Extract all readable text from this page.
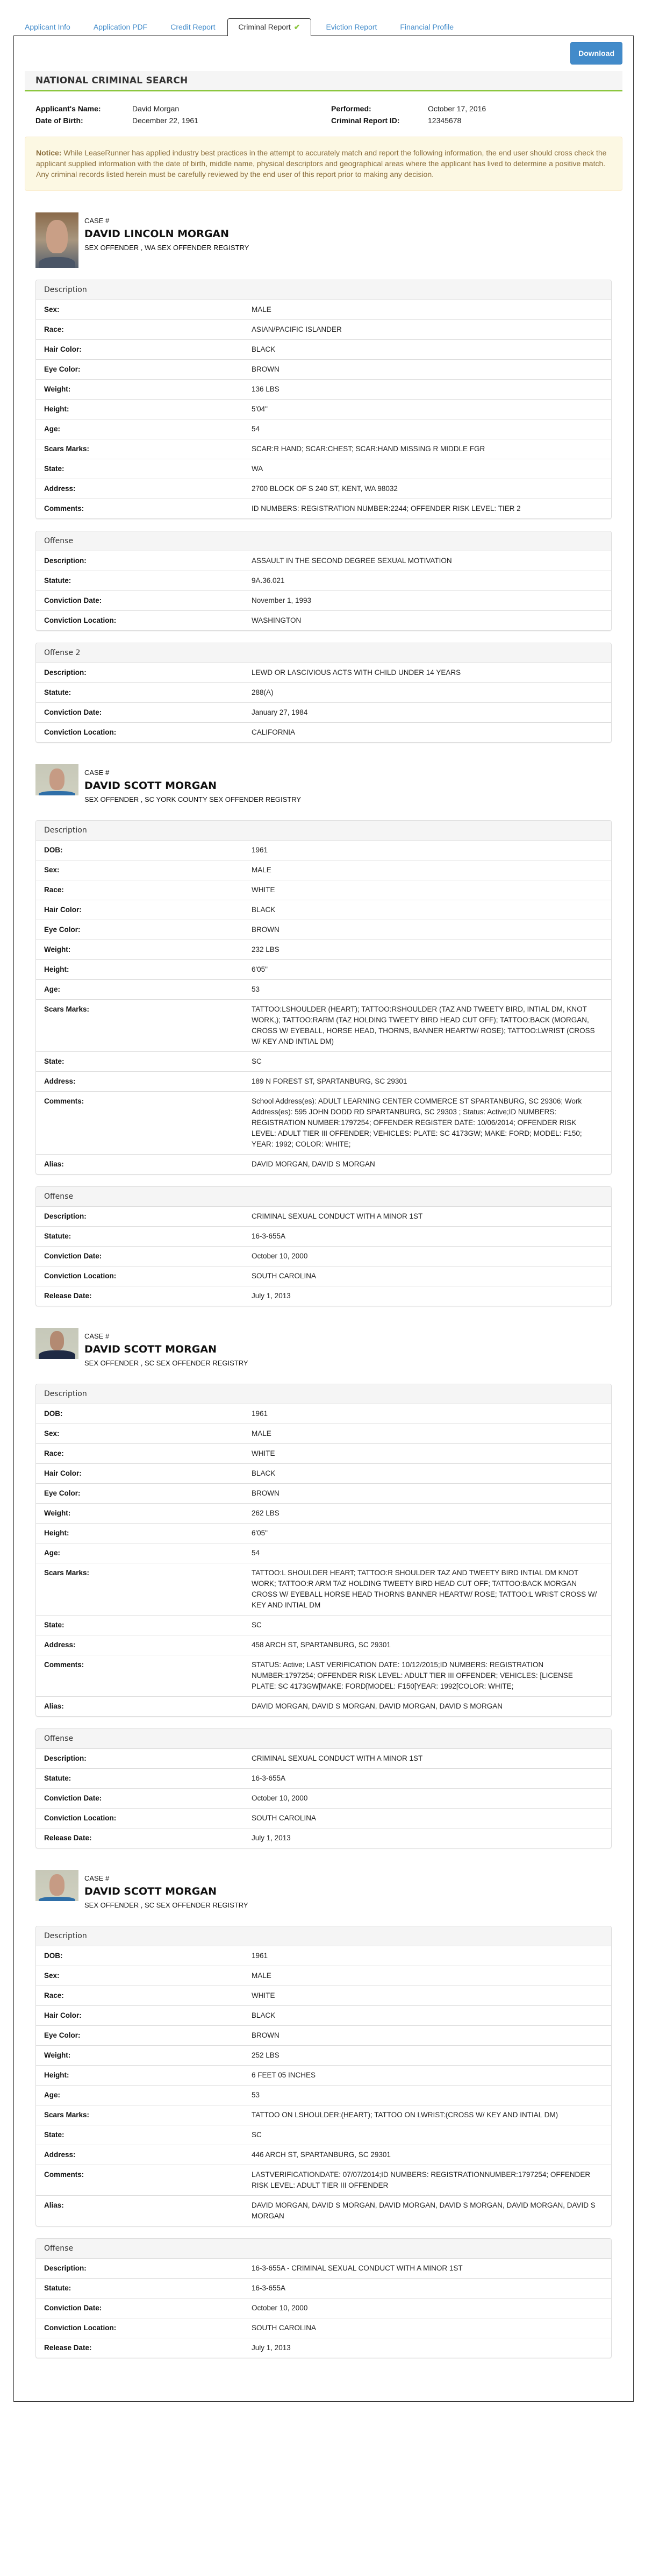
Applicant Info	Application PDF	Credit Report	Criminal Report ✔	Eviction Report	Financial Profile
Download
NATIONAL CRIMINAL SEARCH
Applicant's Name:	David Morgan	Performed:	October 17, 2016
Date of Birth:	December 22, 1961	Criminal Report ID:	12345678
Notice: While LeaseRunner has applied industry best practices in the attempt to accurately match and report the following information, the end user should cross check the applicant supplied information with the date of birth, middle name, physical descriptors and geographical areas where the applicant has lived to determine a positive match. Any criminal records listed herein must be carefully reviewed by the end user of this report prior to making any decision.
CASE #
DAVID LINCOLN MORGAN
SEX OFFENDER , WA SEX OFFENDER REGISTRY
Description
Sex:	MALE
Race:	ASIAN/PACIFIC ISLANDER
Hair Color:	BLACK
Eye Color:	BROWN
Weight:	136 LBS
Height:	5'04"
Age:	54
Scars Marks:	SCAR:R HAND; SCAR:CHEST; SCAR:HAND MISSING R MIDDLE FGR
State:	WA
Address:	2700 BLOCK OF S 240 ST, KENT, WA 98032
Comments:	ID NUMBERS: REGISTRATION NUMBER:2244; OFFENDER RISK LEVEL: TIER 2
Offense
Description:	ASSAULT IN THE SECOND DEGREE SEXUAL MOTIVATION
Statute:	9A.36.021
Conviction Date:	November 1, 1993
Conviction Location:	WASHINGTON
Offense 2
Description:	LEWD OR LASCIVIOUS ACTS WITH CHILD UNDER 14 YEARS
Statute:	288(A)
Conviction Date:	January 27, 1984
Conviction Location:	CALIFORNIA
CASE #
DAVID SCOTT MORGAN
SEX OFFENDER , SC YORK COUNTY SEX OFFENDER REGISTRY
Description
DOB:	1961
Sex:	MALE
Race:	WHITE
Hair Color:	BLACK
Eye Color:	BROWN
Weight:	232 LBS
Height:	6'05"
Age:	53
Scars Marks:	TATTOO:LSHOULDER (HEART); TATTOO:RSHOULDER (TAZ AND TWEETY BIRD, INTIAL DM, KNOT WORK,); TATTOO:RARM (TAZ HOLDING TWEETY BIRD HEAD CUT OFF); TATTOO:BACK (MORGAN, CROSS W/ EYEBALL, HORSE HEAD, THORNS, BANNER HEARTW/ ROSE); TATTOO:LWRIST (CROSS W/ KEY AND INTIAL DM)
State:	SC
Address:	189 N FOREST ST, SPARTANBURG, SC 29301
Comments:	School Address(es): ADULT LEARNING CENTER COMMERCE ST SPARTANBURG, SC 29306; Work Address(es): 595 JOHN DODD RD SPARTANBURG, SC 29303 ; Status: Active;ID NUMBERS: REGISTRATION NUMBER:1797254; OFFENDER REGISTER DATE: 10/06/2014; OFFENDER RISK LEVEL: ADULT TIER III OFFENDER; VEHICLES: PLATE: SC 4173GW; MAKE: FORD; MODEL: F150; YEAR: 1992; COLOR: WHITE;
Alias:	DAVID MORGAN, DAVID S MORGAN
Offense
Description:	CRIMINAL SEXUAL CONDUCT WITH A MINOR 1ST
Statute:	16-3-655A
Conviction Date:	October 10, 2000
Conviction Location:	SOUTH CAROLINA
Release Date:	July 1, 2013
CASE #
DAVID SCOTT MORGAN
SEX OFFENDER , SC SEX OFFENDER REGISTRY
Description
DOB:	1961
Sex:	MALE
Race:	WHITE
Hair Color:	BLACK
Eye Color:	BROWN
Weight:	262 LBS
Height:	6'05"
Age:	54
Scars Marks:	TATTOO:L SHOULDER HEART; TATTOO:R SHOULDER TAZ AND TWEETY BIRD INTIAL DM KNOT WORK; TATTOO:R ARM TAZ HOLDING TWEETY BIRD HEAD CUT OFF; TATTOO:BACK MORGAN CROSS W/ EYEBALL HORSE HEAD THORNS BANNER HEARTW/ ROSE; TATTOO:L WRIST CROSS W/ KEY AND INTIAL DM
State:	SC
Address:	458 ARCH ST, SPARTANBURG, SC 29301
Comments:	STATUS: Active; LAST VERIFICATION DATE: 10/12/2015;ID NUMBERS: REGISTRATION NUMBER:1797254; OFFENDER RISK LEVEL: ADULT TIER III OFFENDER; VEHICLES: [LICENSE PLATE: SC 4173GW[MAKE: FORD[MODEL: F150[YEAR: 1992[COLOR: WHITE;
Alias:	DAVID MORGAN, DAVID S MORGAN, DAVID MORGAN, DAVID S MORGAN
Offense
Description:	CRIMINAL SEXUAL CONDUCT WITH A MINOR 1ST
Statute:	16-3-655A
Conviction Date:	October 10, 2000
Conviction Location:	SOUTH CAROLINA
Release Date:	July 1, 2013
CASE #
DAVID SCOTT MORGAN
SEX OFFENDER , SC SEX OFFENDER REGISTRY
Description
DOB:	1961
Sex:	MALE
Race:	WHITE
Hair Color:	BLACK
Eye Color:	BROWN
Weight:	252 LBS
Height:	6 FEET 05 INCHES
Age:	53
Scars Marks:	TATTOO ON LSHOULDER:(HEART); TATTOO ON LWRIST:(CROSS W/ KEY AND INTIAL DM)
State:	SC
Address:	446 ARCH ST, SPARTANBURG, SC 29301
Comments:	LASTVERIFICATIONDATE: 07/07/2014;ID NUMBERS: REGISTRATIONNUMBER:1797254; OFFENDER RISK LEVEL: ADULT TIER III OFFENDER
Alias:	DAVID MORGAN, DAVID S MORGAN, DAVID MORGAN, DAVID S MORGAN, DAVID MORGAN, DAVID S MORGAN
Offense
Description:	16-3-655A - CRIMINAL SEXUAL CONDUCT WITH A MINOR 1ST
Statute:	16-3-655A
Conviction Date:	October 10, 2000
Conviction Location:	SOUTH CAROLINA
Release Date:	July 1, 2013
